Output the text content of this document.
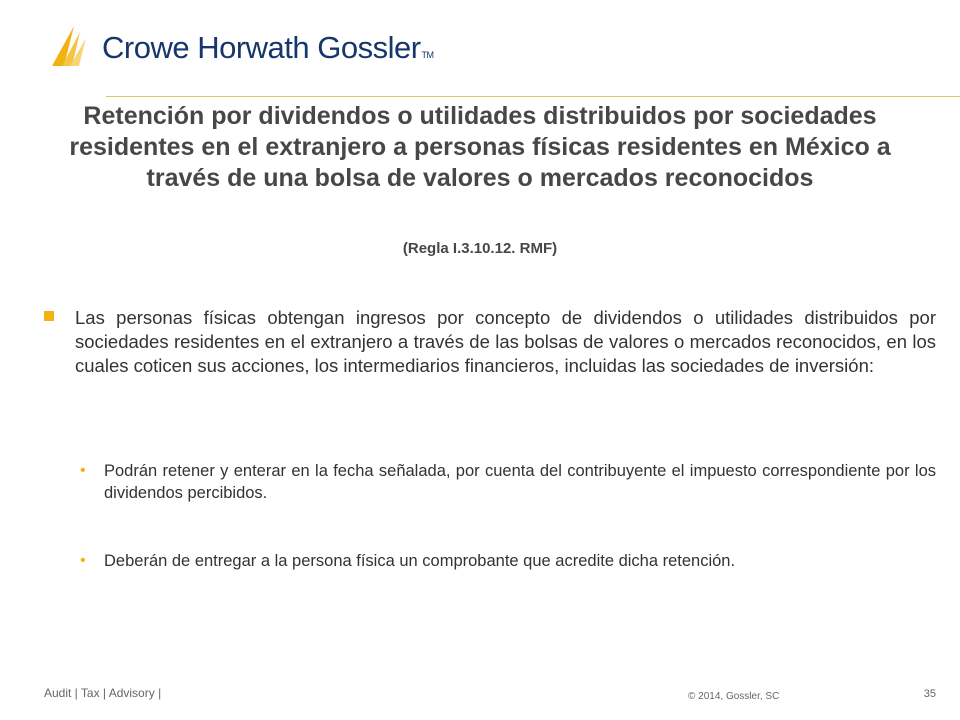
Crowe Horwath GosslerTM
Retención por dividendos o utilidades distribuidos por sociedades residentes en el extranjero a personas físicas residentes en México a través de una bolsa de valores o mercados reconocidos

(Regla I.3.10.12. RMF)

Las personas físicas obtengan ingresos por concepto de dividendos o utilidades distribuidos por sociedades residentes en el extranjero a través de las bolsas de valores o mercados reconocidos, en los cuales coticen sus acciones, los intermediarios financieros, incluidas las sociedades de inversión:

•	Podrán retener y enterar en la fecha señalada, por cuenta del contribuyente el impuesto correspondiente por los dividendos percibidos.

•	Deberán de entregar a la persona física un comprobante que acredite dicha retención.

Audit | Tax | Advisory |	© 2014, Gossler, SC	35
